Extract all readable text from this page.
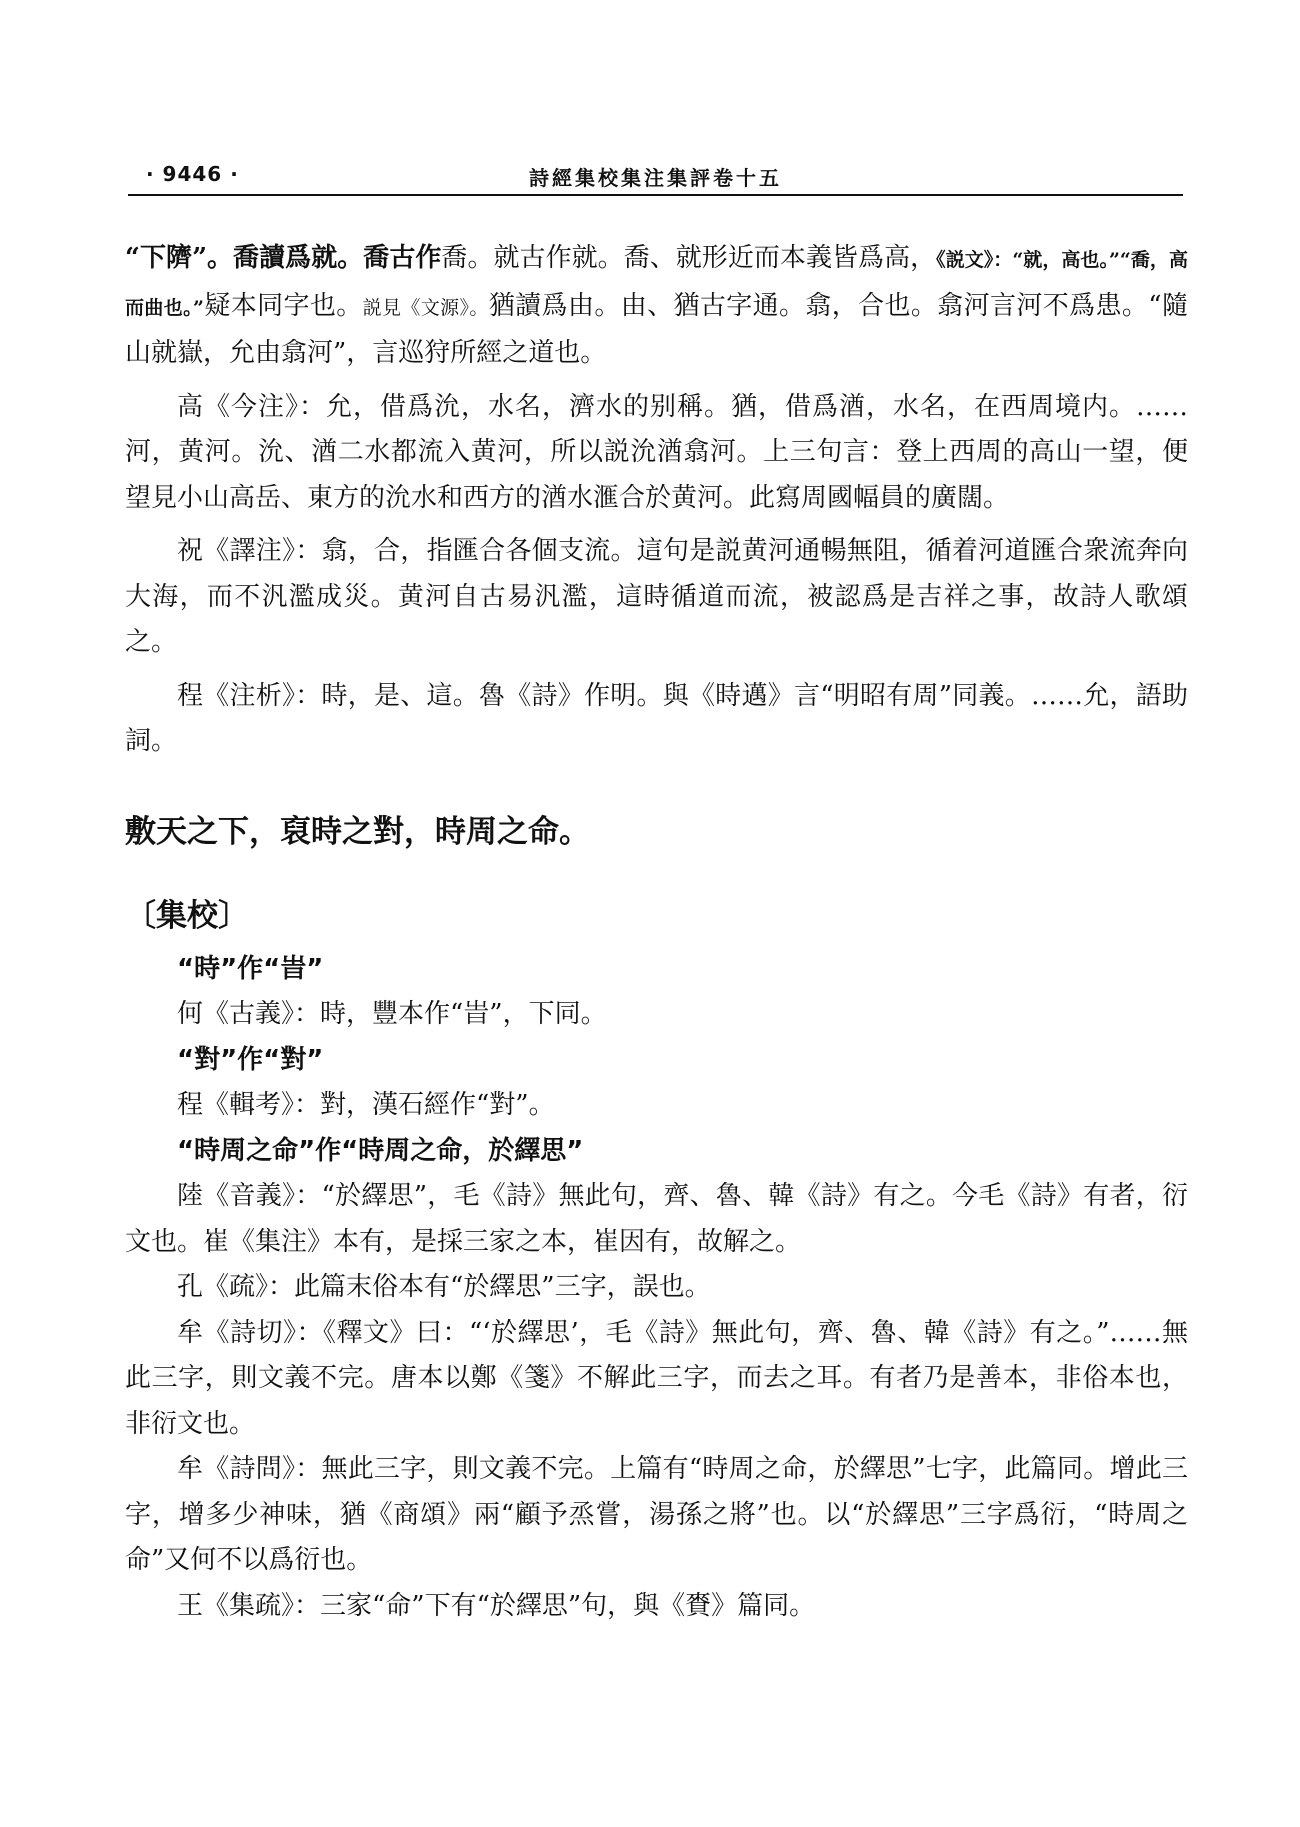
· 9446 ·	詩經集校集注集評卷十五

“下隮”。喬讀爲就。喬古作喬。就古作就。喬、就形近而本義皆爲高，《説文》：“就，高也。”“喬，高而曲也。”疑本同字也。説見《文源》。猶讀爲由。由、猶古字通。翕，合也。翕河言河不爲患。“隨山就嶽，允由翕河”，言巡狩所經之道也。

高《今注》：允，借爲沇，水名，濟水的别稱。猶，借爲湭，水名，在西周境内。……河，黄河。沇、湭二水都流入黄河，所以説沇湭翕河。上三句言：登上西周的高山一望，便望見小山高岳、東方的沇水和西方的湭水滙合於黄河。此寫周國幅員的廣闊。

祝《譯注》：翕，合，指匯合各個支流。這句是説黄河通暢無阻，循着河道匯合衆流奔向大海，而不汎濫成災。黄河自古易汎濫，這時循道而流，被認爲是吉祥之事，故詩人歌頌之。

程《注析》：時，是、這。魯《詩》作明。與《時邁》言“明昭有周”同義。……允，語助詞。

敷天之下，裒時之對，時周之命。
〔集校〕

“時”作“旹”

何《古義》：時，豐本作“旹”，下同。

“對”作“對”

程《輯考》：對，漢石經作“對”。

“時周之命”作“時周之命，於繹思”

陸《音義》：“於繹思”，毛《詩》無此句，齊、魯、韓《詩》有之。今毛《詩》有者，衍文也。崔《集注》本有，是採三家之本，崔因有，故解之。

孔《疏》：此篇末俗本有“於繹思”三字，誤也。

牟《詩切》：《釋文》曰：“‘於繹思’，毛《詩》無此句，齊、魯、韓《詩》有之。”……無此三字，則文義不完。唐本以鄭《箋》不解此三字，而去之耳。有者乃是善本，非俗本也，非衍文也。

牟《詩問》：無此三字，則文義不完。上篇有“時周之命，於繹思”七字，此篇同。增此三字，增多少神味，猶《商頌》兩“顧予烝嘗，湯孫之將”也。以“於繹思”三字爲衍，“時周之命”又何不以爲衍也。

王《集疏》：三家“命”下有“於繹思”句，與《賚》篇同。
